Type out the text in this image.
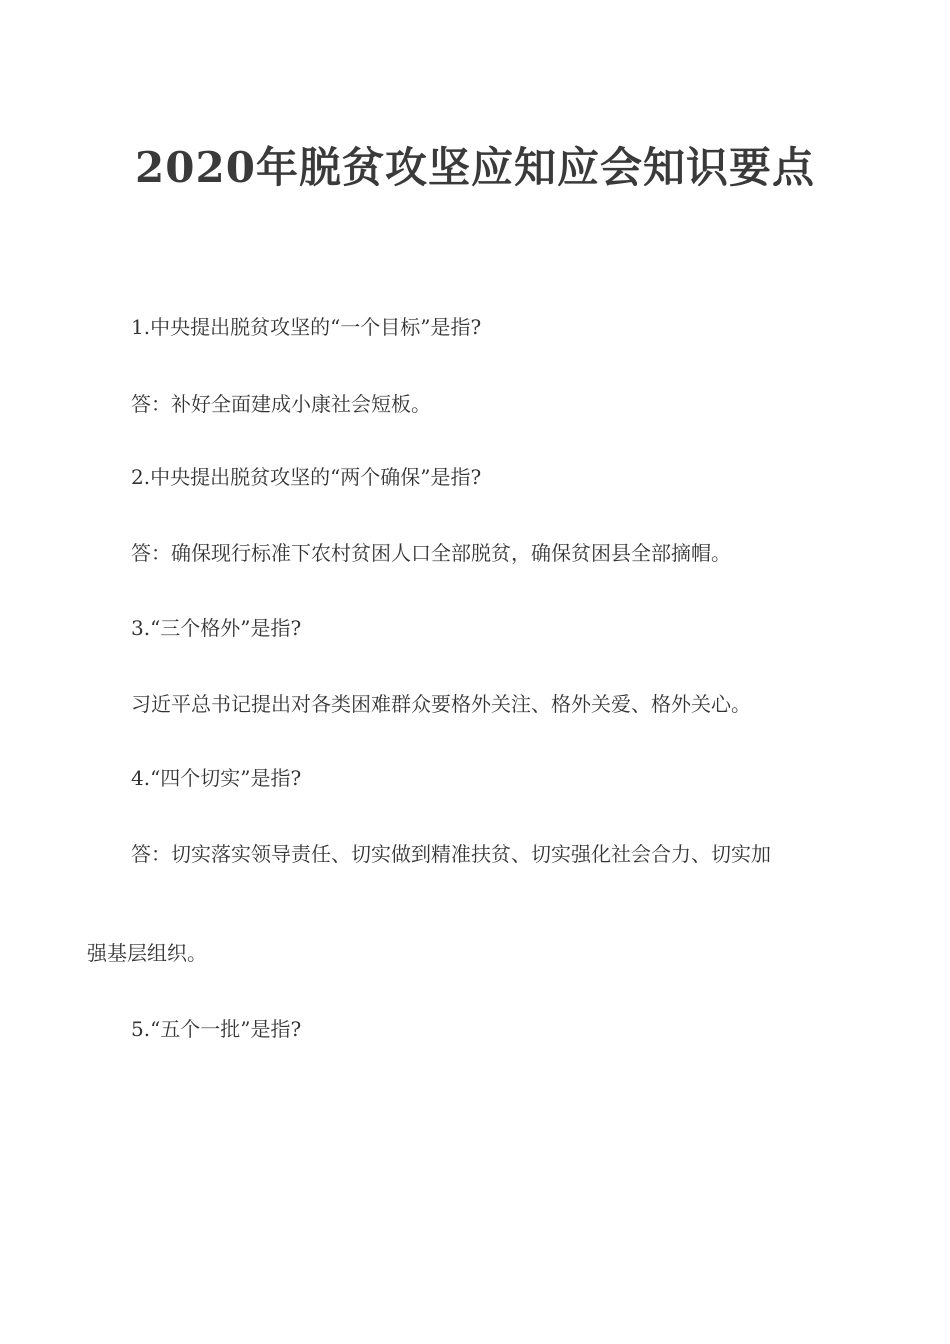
2020年脱贫攻坚应知应会知识要点
1.中央提出脱贫攻坚的“一个目标”是指?
答：补好全面建成小康社会短板。
2.中央提出脱贫攻坚的“两个确保”是指?
答：确保现行标准下农村贫困人口全部脱贫，确保贫困县全部摘帽。
3.“三个格外”是指?
习近平总书记提出对各类困难群众要格外关注、格外关爱、格外关心。
4.“四个切实”是指?
答：切实落实领导责任、切实做到精准扶贫、切实强化社会合力、切实加
强基层组织。
5.“五个一批”是指?
